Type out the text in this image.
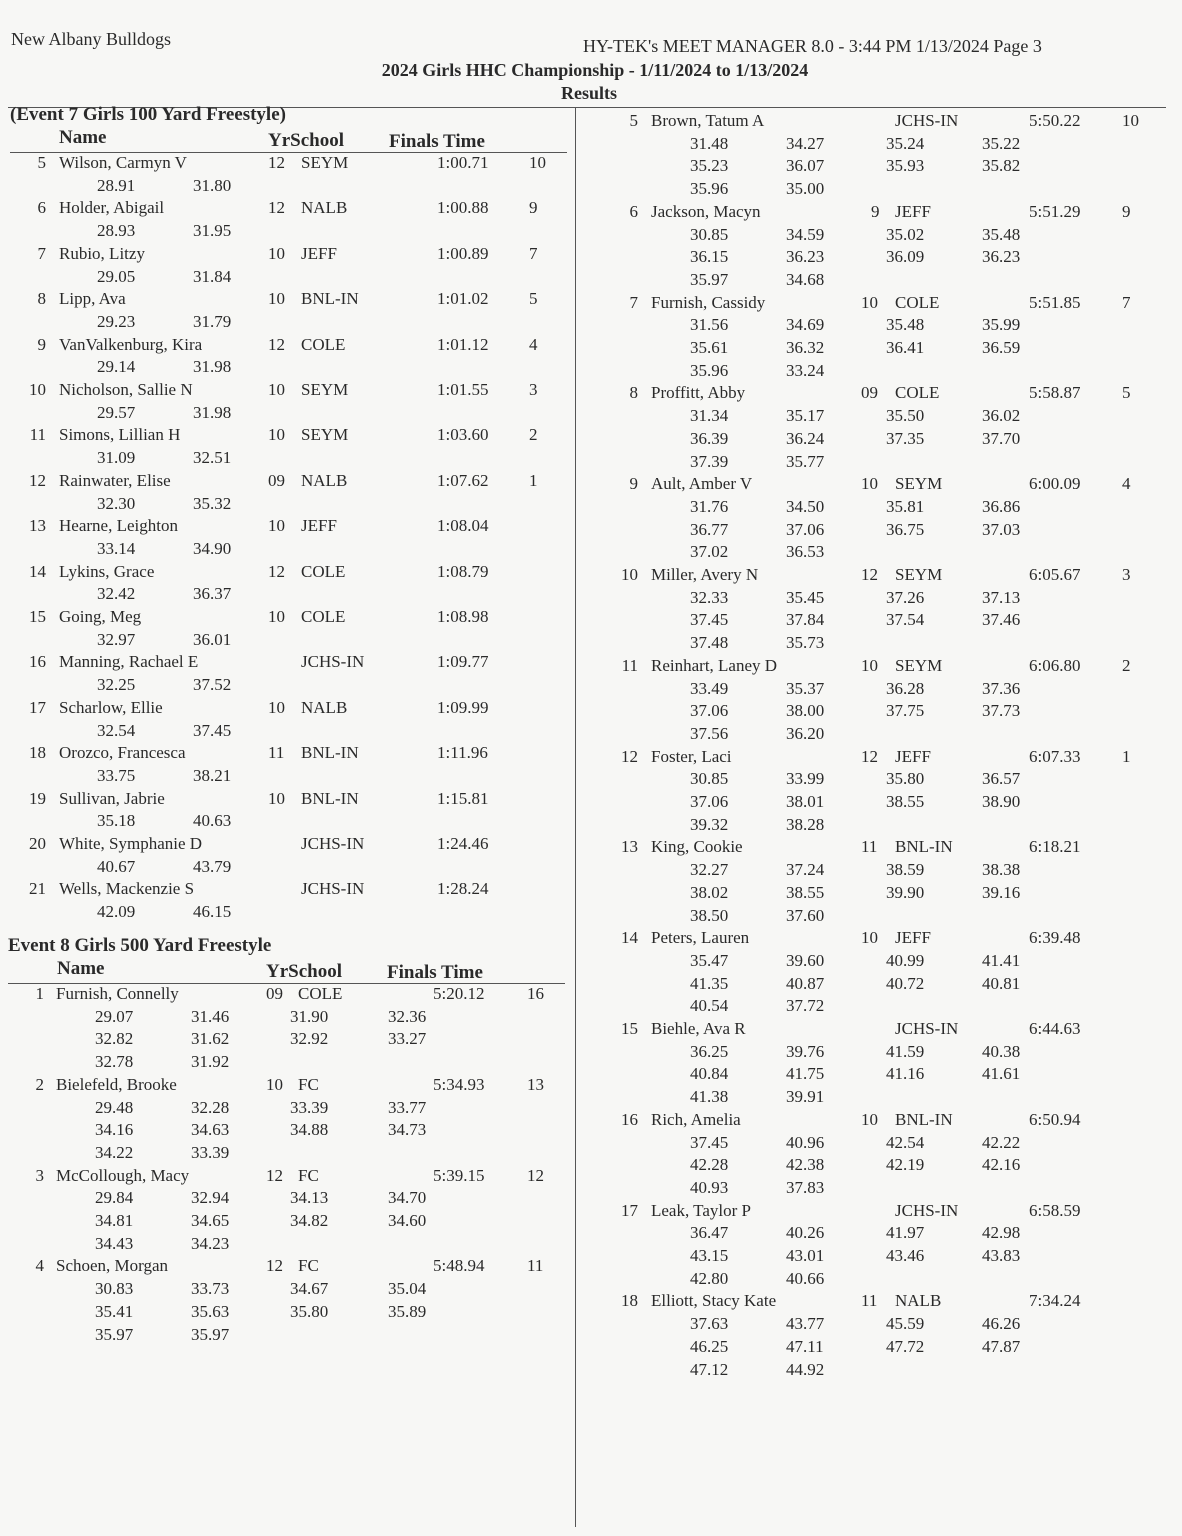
New Albany Bulldogs	HY-TEK's MEET MANAGER 8.0 - 3:44 PM 1/13/2024 Page 3
2024 Girls HHC Championship - 1/11/2024 to 1/13/2024
Results
(Event 7 Girls 100 Yard Freestyle)
Name	YrSchool Finals Time
5 Wilson, Carmyn V	12 SEYM	1:00.71 10
28.91	31.80
6 Holder, Abigail	12 NALB	1:00.88 9
28.93	31.95
7 Rubio, Litzy	10 JEFF	1:00.89 7
29.05	31.84
8 Lipp, Ava	10 BNL-IN	1:01.02 5
29.23	31.79
9 VanValkenburg, Kira	12 COLE	1:01.12 4
29.14	31.98
10 Nicholson, Sallie N	10 SEYM	1:01.55 3
29.57	31.98
11 Simons, Lillian H	10 SEYM	1:03.60 2
31.09	32.51
12 Rainwater, Elise	09 NALB	1:07.62 1
32.30	35.32
13 Hearne, Leighton	10 JEFF	1:08.04
33.14	34.90
14 Lykins, Grace	12 COLE	1:08.79
32.42	36.37
15 Going, Meg	10 COLE	1:08.98
32.97	36.01
16 Manning, Rachael E	JCHS-IN	1:09.77
32.25	37.52
17 Scharlow, Ellie	10 NALB	1:09.99
32.54	37.45
18 Orozco, Francesca	11 BNL-IN	1:11.96
33.75	38.21
19 Sullivan, Jabrie	10 BNL-IN	1:15.81
35.18	40.63
20 White, Symphanie D	JCHS-IN	1:24.46
40.67	43.79
21 Wells, Mackenzie S	JCHS-IN	1:28.24
42.09	46.15
Event 8 Girls 500 Yard Freestyle
Name	YrSchool Finals Time
1 Furnish, Connelly	09 COLE	5:20.12	16
29.07	31.46	31.90	32.36
32.82	31.62	32.92	33.27
32.78	31.92
2 Bielefeld, Brooke	10 FC	5:34.93	13
29.48	32.28	33.39	33.77
34.16	34.63	34.88	34.73
34.22	33.39
3 McCollough, Macy	12 FC	5:39.15	12
29.84	32.94	34.13	34.70
34.81	34.65	34.82	34.60
34.43	34.23
4 Schoen, Morgan	12 FC	5:48.94	11
30.83	33.73	34.67	35.04
35.41	35.63	35.80	35.89
35.97	35.97
5 Brown, Tatum A	JCHS-IN	5:50.22 10
31.48	34.27	35.24	35.22
35.23	36.07	35.93	35.82
35.96	35.00
6 Jackson, Macyn	9 JEFF	5:51.29 9
30.85	34.59	35.02	35.48
36.15	36.23	36.09	36.23
35.97	34.68
7 Furnish, Cassidy	10 COLE	5:51.85 7
31.56	34.69	35.48	35.99
35.61	36.32	36.41	36.59
35.96	33.24
8 Proffitt, Abby	09 COLE	5:58.87 5
31.34	35.17	35.50	36.02
36.39	36.24	37.35	37.70
37.39	35.77
9 Ault, Amber V	10 SEYM	6:00.09 4
31.76	34.50	35.81	36.86
36.77	37.06	36.75	37.03
37.02	36.53
10 Miller, Avery N	12 SEYM	6:05.67 3
32.33	35.45	37.26	37.13
37.45	37.84	37.54	37.46
37.48	35.73
11 Reinhart, Laney D	10 SEYM	6:06.80 2
33.49	35.37	36.28	37.36
37.06	38.00	37.75	37.73
37.56	36.20
12 Foster, Laci	12 JEFF	6:07.33 1
30.85	33.99	35.80	36.57
37.06	38.01	38.55	38.90
39.32	38.28
13 King, Cookie	11 BNL-IN	6:18.21
32.27	37.24	38.59	38.38
38.02	38.55	39.90	39.16
38.50	37.60
14 Peters, Lauren	10 JEFF	6:39.48
35.47	39.60	40.99	41.41
41.35	40.87	40.72	40.81
40.54	37.72
15 Biehle, Ava R	JCHS-IN	6:44.63
36.25	39.76	41.59	40.38
40.84	41.75	41.16	41.61
41.38	39.91
16 Rich, Amelia	10 BNL-IN	6:50.94
37.45	40.96	42.54	42.22
42.28	42.38	42.19	42.16
40.93	37.83
17 Leak, Taylor P	JCHS-IN	6:58.59
36.47	40.26	41.97	42.98
43.15	43.01	43.46	43.83
42.80	40.66
18 Elliott, Stacy Kate	11 NALB	7:34.24
37.63	43.77	45.59	46.26
46.25	47.11	47.72	47.87
47.12	44.92
